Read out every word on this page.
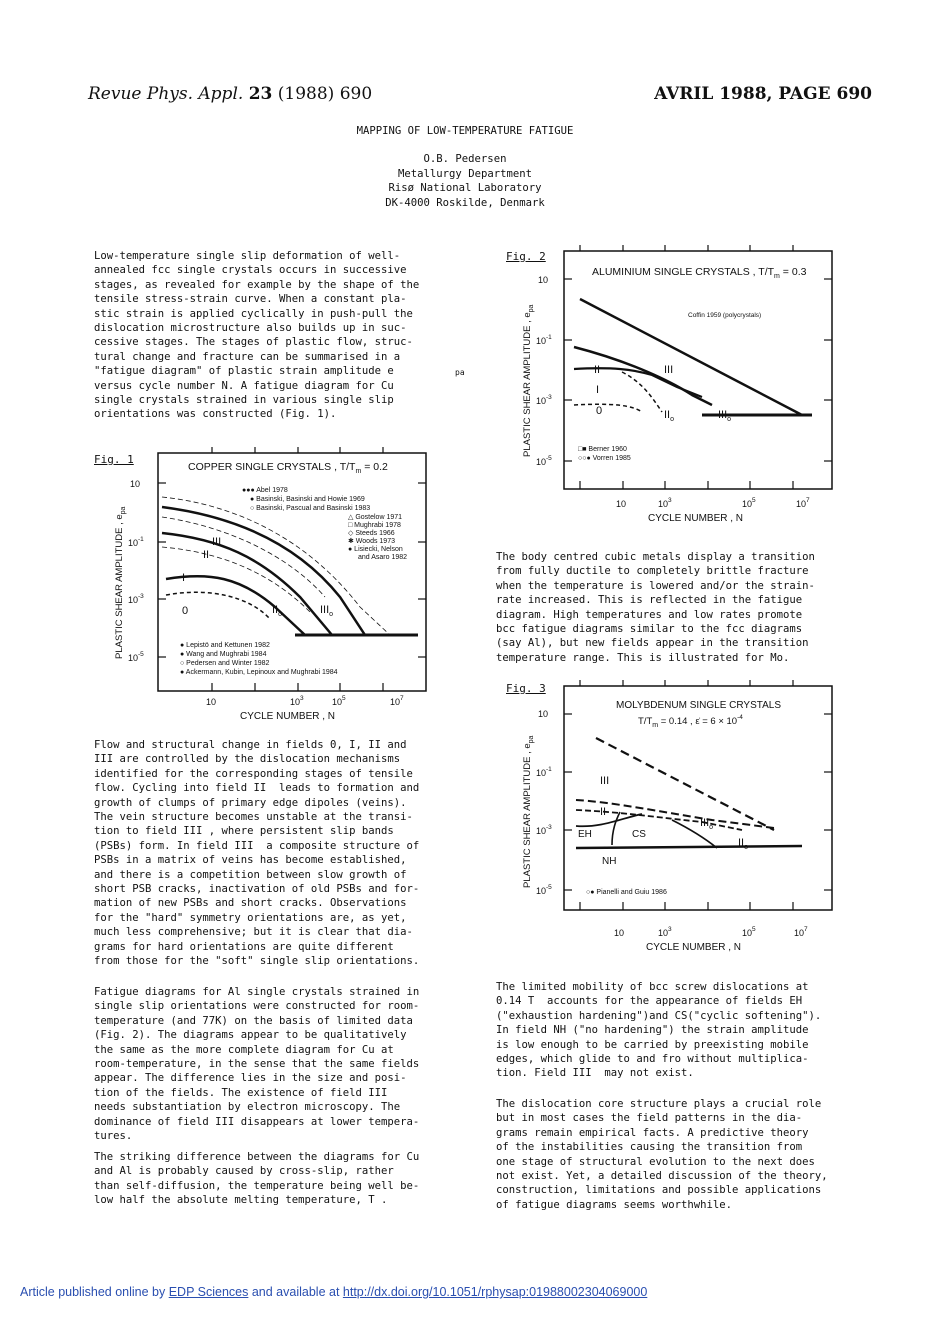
Revue Phys. Appl. 23 (1988) 690	AVRIL 1988, PAGE 690
MAPPING OF LOW-TEMPERATURE FATIGUE
O.B. Pedersen
Metallurgy Department
Risø National Laboratory
DK-4000 Roskilde, Denmark
Low-temperature single slip deformation of well-
annealed fcc single crystals occurs in successive
stages, as revealed for example by the shape of the
tensile stress-strain curve. When a constant pla-
stic strain is applied cyclically in push-pull the
dislocation microstructure also builds up in suc-
cessive stages. The stages of plastic flow, struc-
tural change and fracture can be summarised in a
"fatigue diagram" of plastic strain amplitude e
versus cycle number N. A fatigue diagram for Cu
single crystals strained in various single slip
orientations was constructed (Fig. 1).
pa
Flow and structural change in fields 0, I, II and
III are controlled by the dislocation mechanisms
identified for the corresponding stages of tensile
flow. Cycling into field II  leads to formation and
growth of clumps of primary edge dipoles (veins).
The vein structure becomes unstable at the transi-
tion to field III , where persistent slip bands
(PSBs) form. In field III  a composite structure of
PSBs in a matrix of veins has become established,
and there is a competition between slow growth of
short PSB cracks, inactivation of old PSBs and for-
mation of new PSBs and short cracks. Observations
for the "hard" symmetry orientations are, as yet,
much less comprehensive; but it is clear that dia-
grams for hard orientations are quite different
from those for the "soft" single slip orientations.
Fatigue diagrams for Al single crystals strained in
single slip orientations were constructed for room-
temperature (and 77K) on the basis of limited data
(Fig. 2). The diagrams appear to be qualitatively
the same as the more complete diagram for Cu at
room-temperature, in the sense that the same fields
appear. The difference lies in the size and posi-
tion of the fields. The existence of field III
needs substantiation by electron microscopy. The
dominance of field III disappears at lower tempera-
tures.
The striking difference between the diagrams for Cu
and Al is probably caused by cross-slip, rather
than self-diffusion, the temperature being well be-
low half the absolute melting temperature, T .
The body centred cubic metals display a transition
from fully ductile to completely brittle fracture
when the temperature is lowered and/or the strain-
rate increased. This is reflected in the fatigue
diagram. High temperatures and low rates promote
bcc fatigue diagrams similar to the fcc diagrams
(say Al), but new fields appear in the transition
temperature range. This is illustrated for Mo.
The limited mobility of bcc screw dislocations at
0.14 T  accounts for the appearance of fields EH
("exhaustion hardening")and CS("cyclic softening").
In field NH ("no hardening") the strain amplitude
is low enough to be carried by preexisting mobile
edges, which glide to and fro without multiplica-
tion. Field III  may not exist.
The dislocation core structure plays a crucial role
but in most cases the field patterns in the dia-
grams remain empirical facts. A predictive theory
of the instabilities causing the transition from
one stage of structural evolution to the next does
not exist. Yet, a detailed discussion of the theory,
construction, limitations and possible applications
of fatigue diagrams seems worthwhile.
Fig. 1
COPPER SINGLE CRYSTALS , $T/T_m = 0.2$
10
$10^{-1}$
$10^{-3}$
$10^{-5}$
10	$10^3$	$10^5$	$10^7$
CYCLE NUMBER , N
PLASTIC SHEAR AMPLITUDE , $e_{pa}$
III
II
I
0	$II_o$	$III_o$
●●● Abel 1978
● Basinski, Basinski and Howie 1969
○ Basinski, Pascual and Basinski 1983
△ Gostelow 1971
□ Mughrabi 1978
◇ Steeds 1966
✱ Woods 1973
● Lisiecki, Nelson
and Asaro 1982
● Lepistö and Kettunen 1982
● Wang and Mughrabi 1984
○ Pedersen and Winter 1982
● Ackermann, Kubin, Lepinoux and Mughrabi 1984
Fig. 2
ALUMINIUM SINGLE CRYSTALS , $T/T_m = 0.3$
10
$10^{-1}$
$10^{-3}$
$10^{-5}$
10	$10^3$	$10^5$	$10^7$
CYCLE NUMBER , N
PLASTIC SHEAR AMPLITUDE , $e_{pa}$
Coffin 1959 (polycrystals)
II	III
I
0	$II_o$	$III_o$
□■ Berner 1960
○○● Vorren 1985
Fig. 3
MOLYBDENUM SINGLE CRYSTALS
$T/T_m = 0.14$ , ε̇ = $6 \times 10^{-4}$
10
$10^{-1}$
$10^{-3}$
$10^{-5}$
10	$10^3$	$10^5$	$10^7$
CYCLE NUMBER , N
PLASTIC SHEAR AMPLITUDE , $e_{pa}$
III
II
EH	CS
NH
$III_o$
$II_o$
○● Pianelli and Guiu 1986
Article published online by EDP Sciences and available at http://dx.doi.org/10.1051/rphysap:01988002304069000
